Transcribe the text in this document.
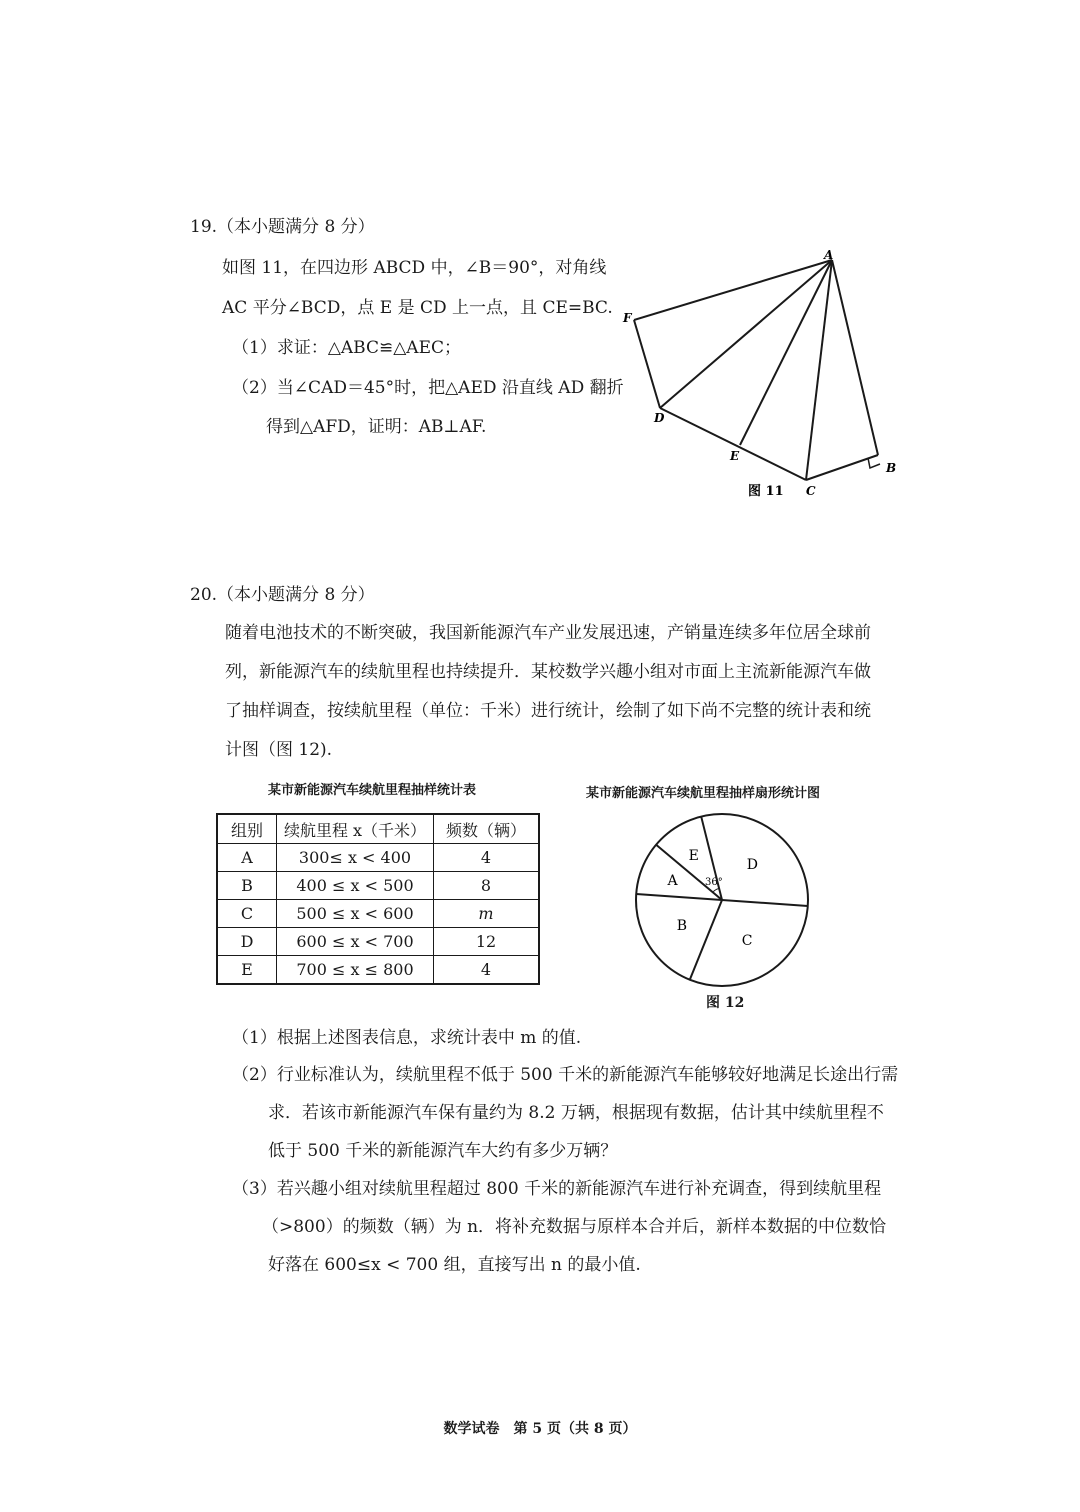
19.（本小题满分 8 分）
如图 11，在四边形 ABCD 中，∠B＝90°，对角线
AC 平分∠BCD，点 E 是 CD 上一点，且 CE=BC.
（1）求证：△ABC≌△AEC；
（2）当∠CAD＝45°时，把△AED 沿直线 AD 翻折
得到△AFD，证明：AB⊥AF.
A
F
D
E
C
B
图 11
20.（本小题满分 8 分）
随着电池技术的不断突破，我国新能源汽车产业发展迅速，产销量连续多年位居全球前
列，新能源汽车的续航里程也持续提升．某校数学兴趣小组对市面上主流新能源汽车做
了抽样调查，按续航里程（单位：千米）进行统计，绘制了如下尚不完整的统计表和统
计图（图 12).
某市新能源汽车续航里程抽样统计表
组别	续航里程 x（千米）	频数（辆）
A	300≤ x < 400	4
B	400 ≤ x < 500	8
C	500 ≤ x < 600	m
D	600 ≤ x < 700	12
E	700 ≤ x ≤ 800	4
某市新能源汽车续航里程抽样扇形统计图
A
E
36°
D
C
B
图 12
（1）根据上述图表信息，求统计表中 m 的值.
（2）行业标准认为，续航里程不低于 500 千米的新能源汽车能够较好地满足长途出行需
求．若该市新能源汽车保有量约为 8.2 万辆，根据现有数据，估计其中续航里程不
低于 500 千米的新能源汽车大约有多少万辆？
（3）若兴趣小组对续航里程超过 800 千米的新能源汽车进行补充调查，得到续航里程
（>800）的频数（辆）为 n．将补充数据与原样本合并后，新样本数据的中位数恰
好落在 600≤x < 700 组，直接写出 n 的最小值.
数学试卷　第 5 页（共 8 页）
